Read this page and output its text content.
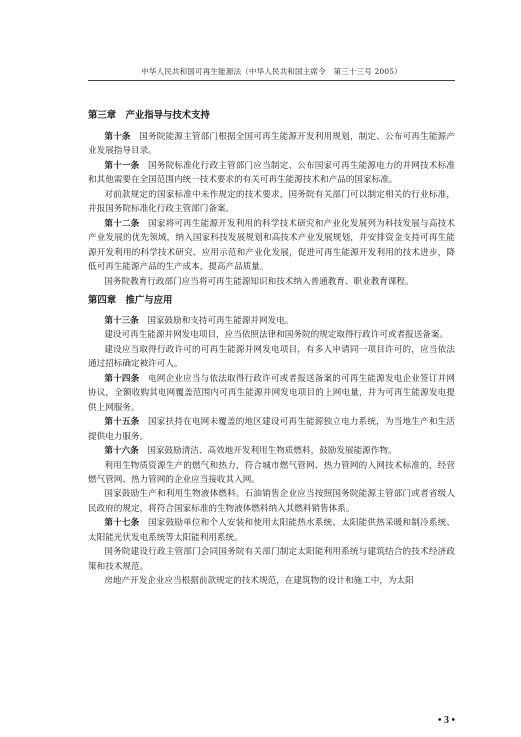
中华人民共和国可再生能源法（中华人民共和国主席令　第三十三号 2005）
第三章　产业指导与技术支持

第十条 国务院能源主管部门根据全国可再生能源开发利用规划，制定、公布可再生能源产业发展指导目录。

第十一条 国务院标准化行政主管部门应当制定、公布国家可再生能源电力的并网技术标准和其他需要在全国范围内统一技术要求的有关可再生能源技术和产品的国家标准。

对前款规定的国家标准中未作规定的技术要求，国务院有关部门可以制定相关的行业标准，并报国务院标准化行政主管部门备案。

第十二条 国家将可再生能源开发利用的科学技术研究和产业化发展列为科技发展与高技术产业发展的优先领域，纳入国家科技发展规划和高技术产业发展规划，并安排资金支持可再生能源开发利用的科学技术研究、应用示范和产业化发展，促进可再生能源开发利用的技术进步，降低可再生能源产品的生产成本，提高产品质量。

国务院教育行政部门应当将可再生能源知识和技术纳入普通教育、职业教育课程。

第四章　推广与应用

第十三条 国家鼓励和支持可再生能源并网发电。

建设可再生能源并网发电项目，应当依照法律和国务院的规定取得行政许可或者报送备案。

建设应当取得行政许可的可再生能源并网发电项目，有多人申请同一项目许可的，应当依法通过招标确定被许可人。

第十四条 电网企业应当与依法取得行政许可或者报送备案的可再生能源发电企业签订并网协议，全额收购其电网覆盖范围内可再生能源并网发电项目的上网电量，并为可再生能源发电提供上网服务。

第十五条 国家扶持在电网未覆盖的地区建设可再生能源独立电力系统，为当地生产和生活提供电力服务。

第十六条 国家鼓励清洁、高效地开发利用生物质燃料，鼓励发展能源作物。

利用生物质资源生产的燃气和热力，符合城市燃气管网、热力管网的入网技术标准的，经营燃气管网、热力管网的企业应当接收其入网。

国家鼓励生产和利用生物液体燃料。石油销售企业应当按照国务院能源主管部门或者省级人民政府的规定，将符合国家标准的生物液体燃料纳入其燃料销售体系。

第十七条 国家鼓励单位和个人安装和使用太阳能热水系统、太阳能供热采暖和制冷系统、太阳能光伏发电系统等太阳能利用系统。

国务院建设行政主管部门会同国务院有关部门制定太阳能利用系统与建筑结合的技术经济政策和技术规范。

房地产开发企业应当根据前款规定的技术规范，在建筑物的设计和施工中，为太阳

• 3 •
